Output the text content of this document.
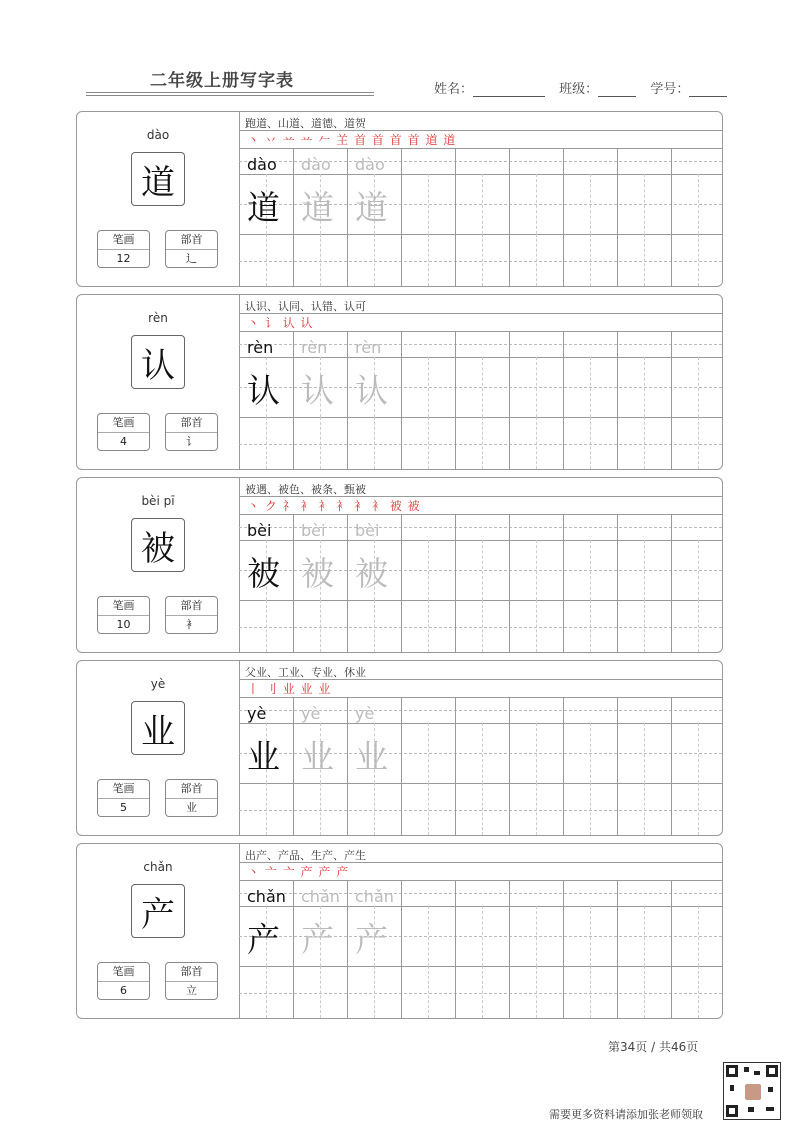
二年级上册写字表	姓名：	班级：	学号：
dào
道
笔画
12
部首
辶
跑道、山道、道德、道贺
丶 丷 䒑 䒑 𠂉 𦍌 首 首 首 首 道 道
dào
道
dào
道
dào
道
rèn
认
笔画
4
部首
讠
认识、认同、认错、认可
丶 讠 认 认
rèn
认
rèn
认
rèn
认
bèi pī
被
笔画
10
部首
衤
被遇、被色、被条、甄被
丶 ク 礻 衤 衤 衤 衤 衤 被 被
bèi
被
bèi
被
bèi
被
yè
业
笔画
5
部首
业
父业、工业、专业、休业
丨 刂 业 业 业
yè
业
yè
业
yè
业
chǎn
产
笔画
6
部首
立
出产、产品、生产、产生
丶 亠 亠 产 产 产
chǎn
产
chǎn
产
chǎn
产
第34页 / 共46页
需要更多资料请添加张老师领取
